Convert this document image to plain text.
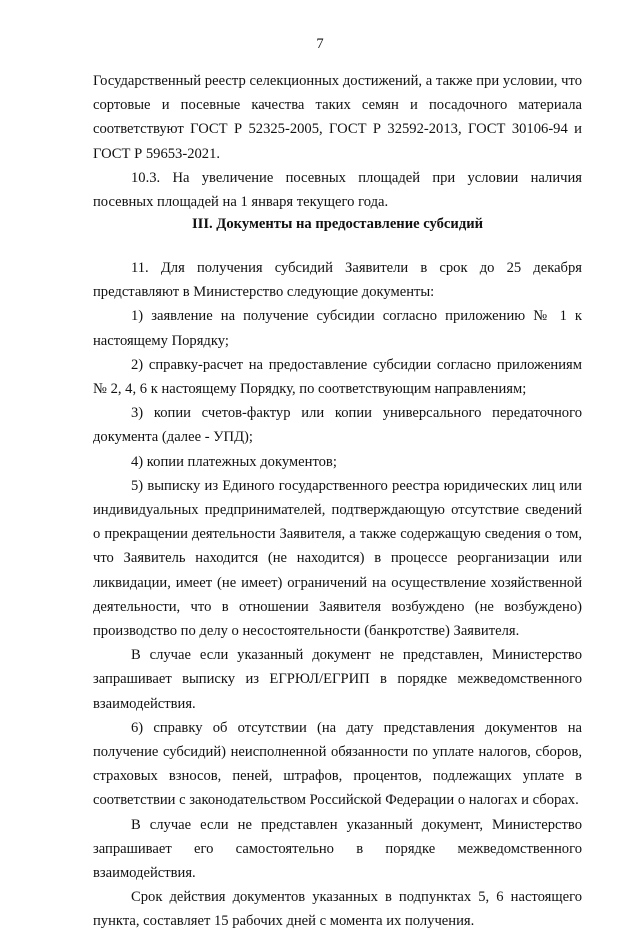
7

Государственный реестр селекционных достижений, а также при условии, что сортовые и посевные качества таких семян и посадочного материала соответствуют ГОСТ Р 52325-2005, ГОСТ Р 32592-2013, ГОСТ 30106-94 и ГОСТ Р 59653-2021.

10.3. На увеличение посевных площадей при условии наличия посевных площадей на 1 января текущего года.

III. Документы на предоставление субсидий

11. Для получения субсидий Заявители в срок до 25 декабря представляют в Министерство следующие документы:

1) заявление на получение субсидии согласно приложению № 1 к настоящему Порядку;

2) справку-расчет на предоставление субсидии согласно приложениям № 2, 4, 6 к настоящему Порядку, по соответствующим направлениям;

3) копии счетов-фактур или копии универсального передаточного документа (далее - УПД);

4) копии платежных документов;

5) выписку из Единого государственного реестра юридических лиц или индивидуальных предпринимателей, подтверждающую отсутствие сведений о прекращении деятельности Заявителя, а также содержащую сведения о том, что Заявитель находится (не находится) в процессе реорганизации или ликвидации, имеет (не имеет) ограничений на осуществление хозяйственной деятельности, что в отношении Заявителя возбуждено (не возбуждено) производство по делу о несостоятельности (банкротстве) Заявителя.

В случае если указанный документ не представлен, Министерство запрашивает выписку из ЕГРЮЛ/ЕГРИП в порядке межведомственного взаимодействия.

6) справку об отсутствии (на дату представления документов на получение субсидий) неисполненной обязанности по уплате налогов, сборов, страховых взносов, пеней, штрафов, процентов, подлежащих уплате в соответствии с законодательством Российской Федерации о налогах и сборах.

В случае если не представлен указанный документ, Министерство запрашивает его самостоятельно в порядке межведомственного взаимодействия.

Срок действия документов указанных в подпунктах 5, 6 настоящего пункта, составляет 15 рабочих дней с момента их получения.
